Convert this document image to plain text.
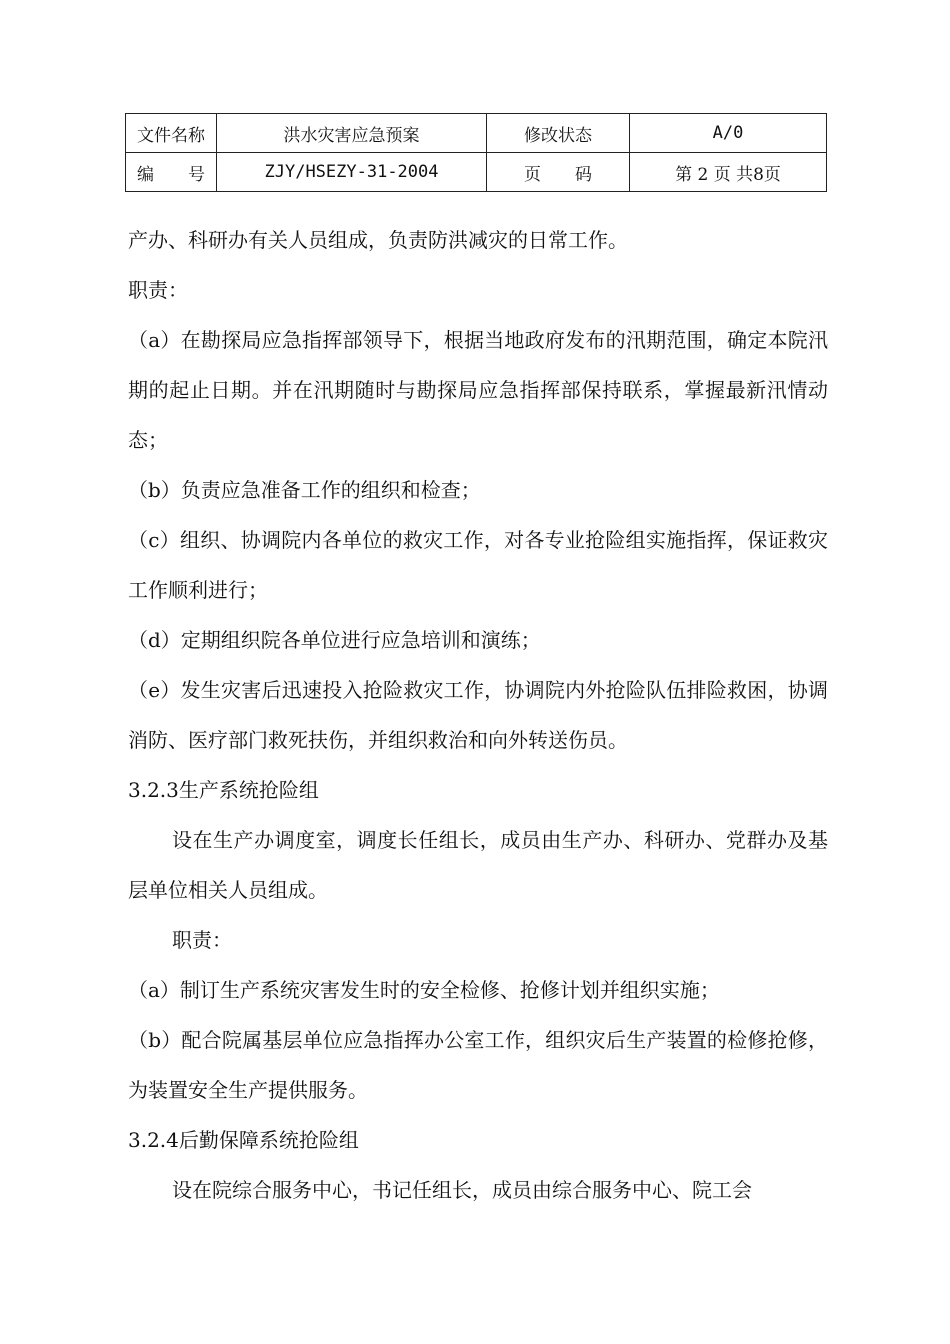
文件名称	洪水灾害应急预案	修改状态	A/0
编　　号	ZJY/HSEZY-31-2004	页　　码	第 2 页 共8页

产办、科研办有关人员组成，负责防洪减灾的日常工作。

职责：

（a）在勘探局应急指挥部领导下，根据当地政府发布的汛期范围，确定本院汛期的起止日期。并在汛期随时与勘探局应急指挥部保持联系，掌握最新汛情动态；

（b）负责应急准备工作的组织和检查；

（c）组织、协调院内各单位的救灾工作，对各专业抢险组实施指挥，保证救灾工作顺利进行；

（d）定期组织院各单位进行应急培训和演练；

（e）发生灾害后迅速投入抢险救灾工作，协调院内外抢险队伍排险救困，协调消防、医疗部门救死扶伤，并组织救治和向外转送伤员。

3.2.3生产系统抢险组

设在生产办调度室，调度长任组长，成员由生产办、科研办、党群办及基层单位相关人员组成。

职责：

（a）制订生产系统灾害发生时的安全检修、抢修计划并组织实施；

（b）配合院属基层单位应急指挥办公室工作，组织灾后生产装置的检修抢修，为装置安全生产提供服务。

3.2.4后勤保障系统抢险组

设在院综合服务中心，书记任组长，成员由综合服务中心、院工会
